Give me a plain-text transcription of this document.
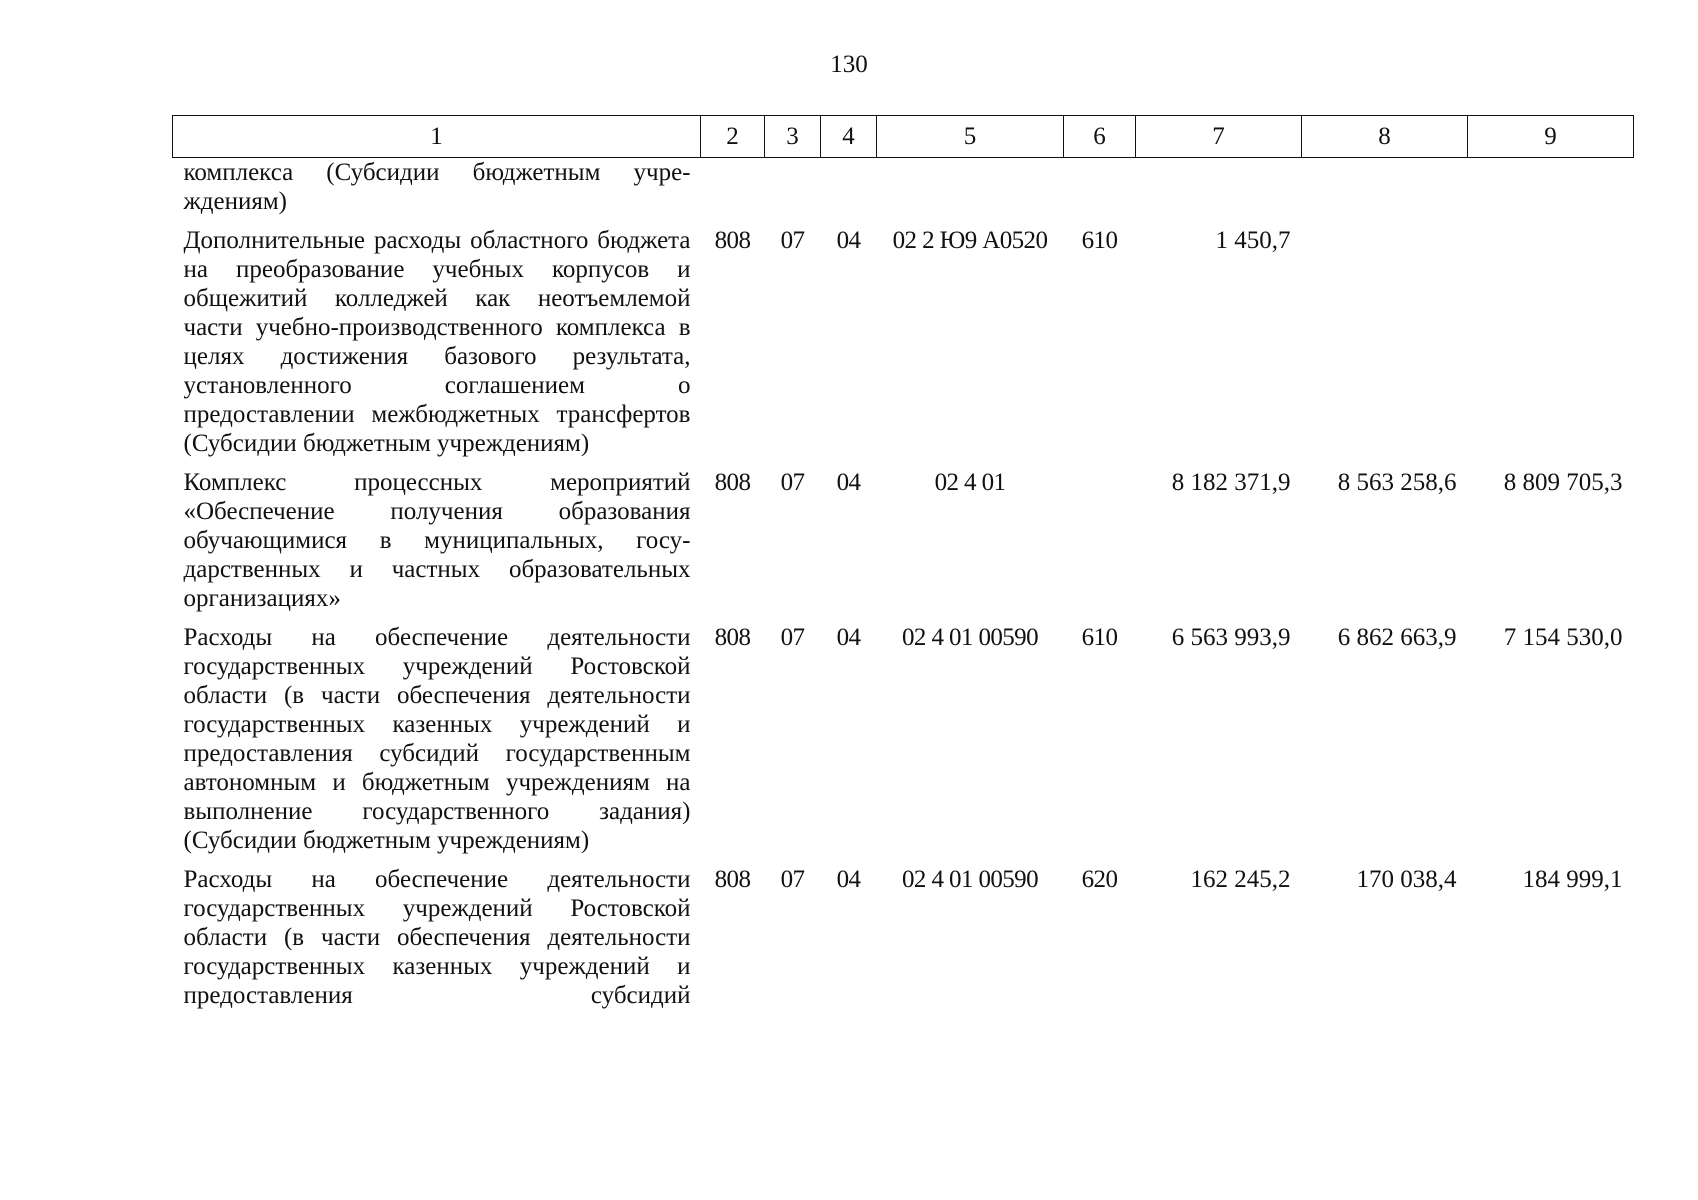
130
1	2	3	4	5	6	7	8	9
комплекса (Субсидии бюджетным учреждениям)								
Дополнительные расходы областного бюджета на преобразование учебных корпусов и общежитий колледжей как неотъемлемой части учебно-производственного комплекса в целях достижения базового результата, установленного соглашением о предоставлении межбюджетных трансфертов (Субсидии бюджетным учреждениям)	808	07	04	02 2 Ю9 А0520	610	1 450,7		
Комплекс процессных мероприятий «Обеспечение получения образования обучающимися в муниципальных, государственных и частных образовательных организациях»	808	07	04	02 4 01		8 182 371,9	8 563 258,6	8 809 705,3
Расходы на обеспечение деятельности государственных учреждений Ростовской области (в части обеспечения деятельности государственных казенных учреждений и предоставления субсидий государственным автономным и бюджетным учреждениям на выполнение государственного задания) (Субсидии бюджетным учреждениям)	808	07	04	02 4 01 00590	610	6 563 993,9	6 862 663,9	7 154 530,0
Расходы на обеспечение деятельности государственных учреждений Ростовской области (в части обеспечения деятельности государственных казенных учреждений и предоставления субсидий	808	07	04	02 4 01 00590	620	162 245,2	170 038,4	184 999,1
